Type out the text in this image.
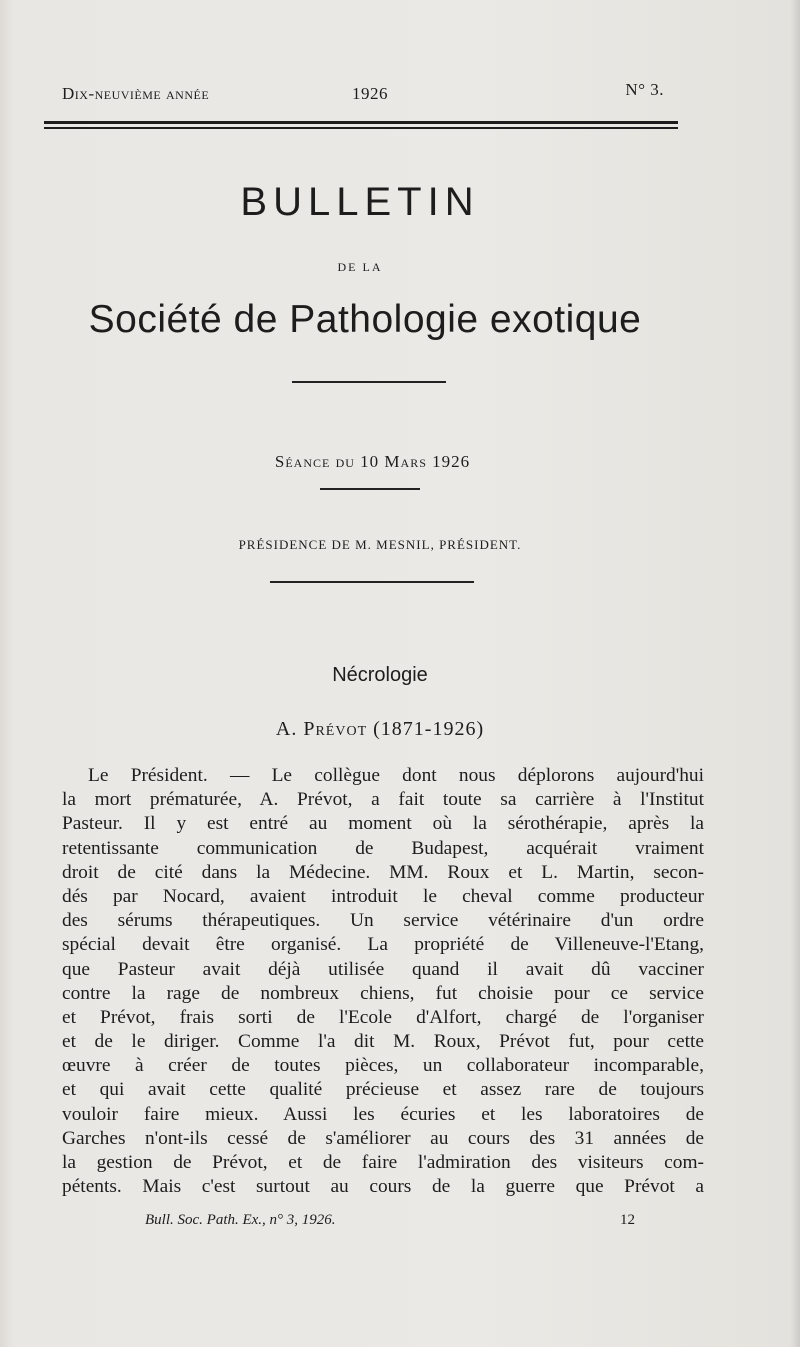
Dix-neuvième année	1926	N° 3.
BULLETIN
DE LA
Société de Pathologie exotique
Séance du 10 Mars 1926
PRÉSIDENCE DE M. MESNIL, PRÉSIDENT.
Nécrologie
A. Prévot (1871-1926)
Le Président. — Le collègue dont nous déplorons aujourd'hui
la mort prématurée, A. Prévot, a fait toute sa carrière à l'Institut
Pasteur. Il y est entré au moment où la sérothérapie, après la
retentissante communication de Budapest, acquérait vraiment
droit de cité dans la Médecine. MM. Roux et L. Martin, secon-
dés par Nocard, avaient introduit le cheval comme producteur
des sérums thérapeutiques. Un service vétérinaire d'un ordre
spécial devait être organisé. La propriété de Villeneuve-l'Etang,
que Pasteur avait déjà utilisée quand il avait dû vacciner
contre la rage de nombreux chiens, fut choisie pour ce service
et Prévot, frais sorti de l'Ecole d'Alfort, chargé de l'organiser
et de le diriger. Comme l'a dit M. Roux, Prévot fut, pour cette
œuvre à créer de toutes pièces, un collaborateur incomparable,
et qui avait cette qualité précieuse et assez rare de toujours
vouloir faire mieux. Aussi les écuries et les laboratoires de
Garches n'ont-ils cessé de s'améliorer au cours des 31 années de
la gestion de Prévot, et de faire l'admiration des visiteurs com-
pétents. Mais c'est surtout au cours de la guerre que Prévot a
Bull. Soc. Path. Ex., n° 3, 1926.	12
